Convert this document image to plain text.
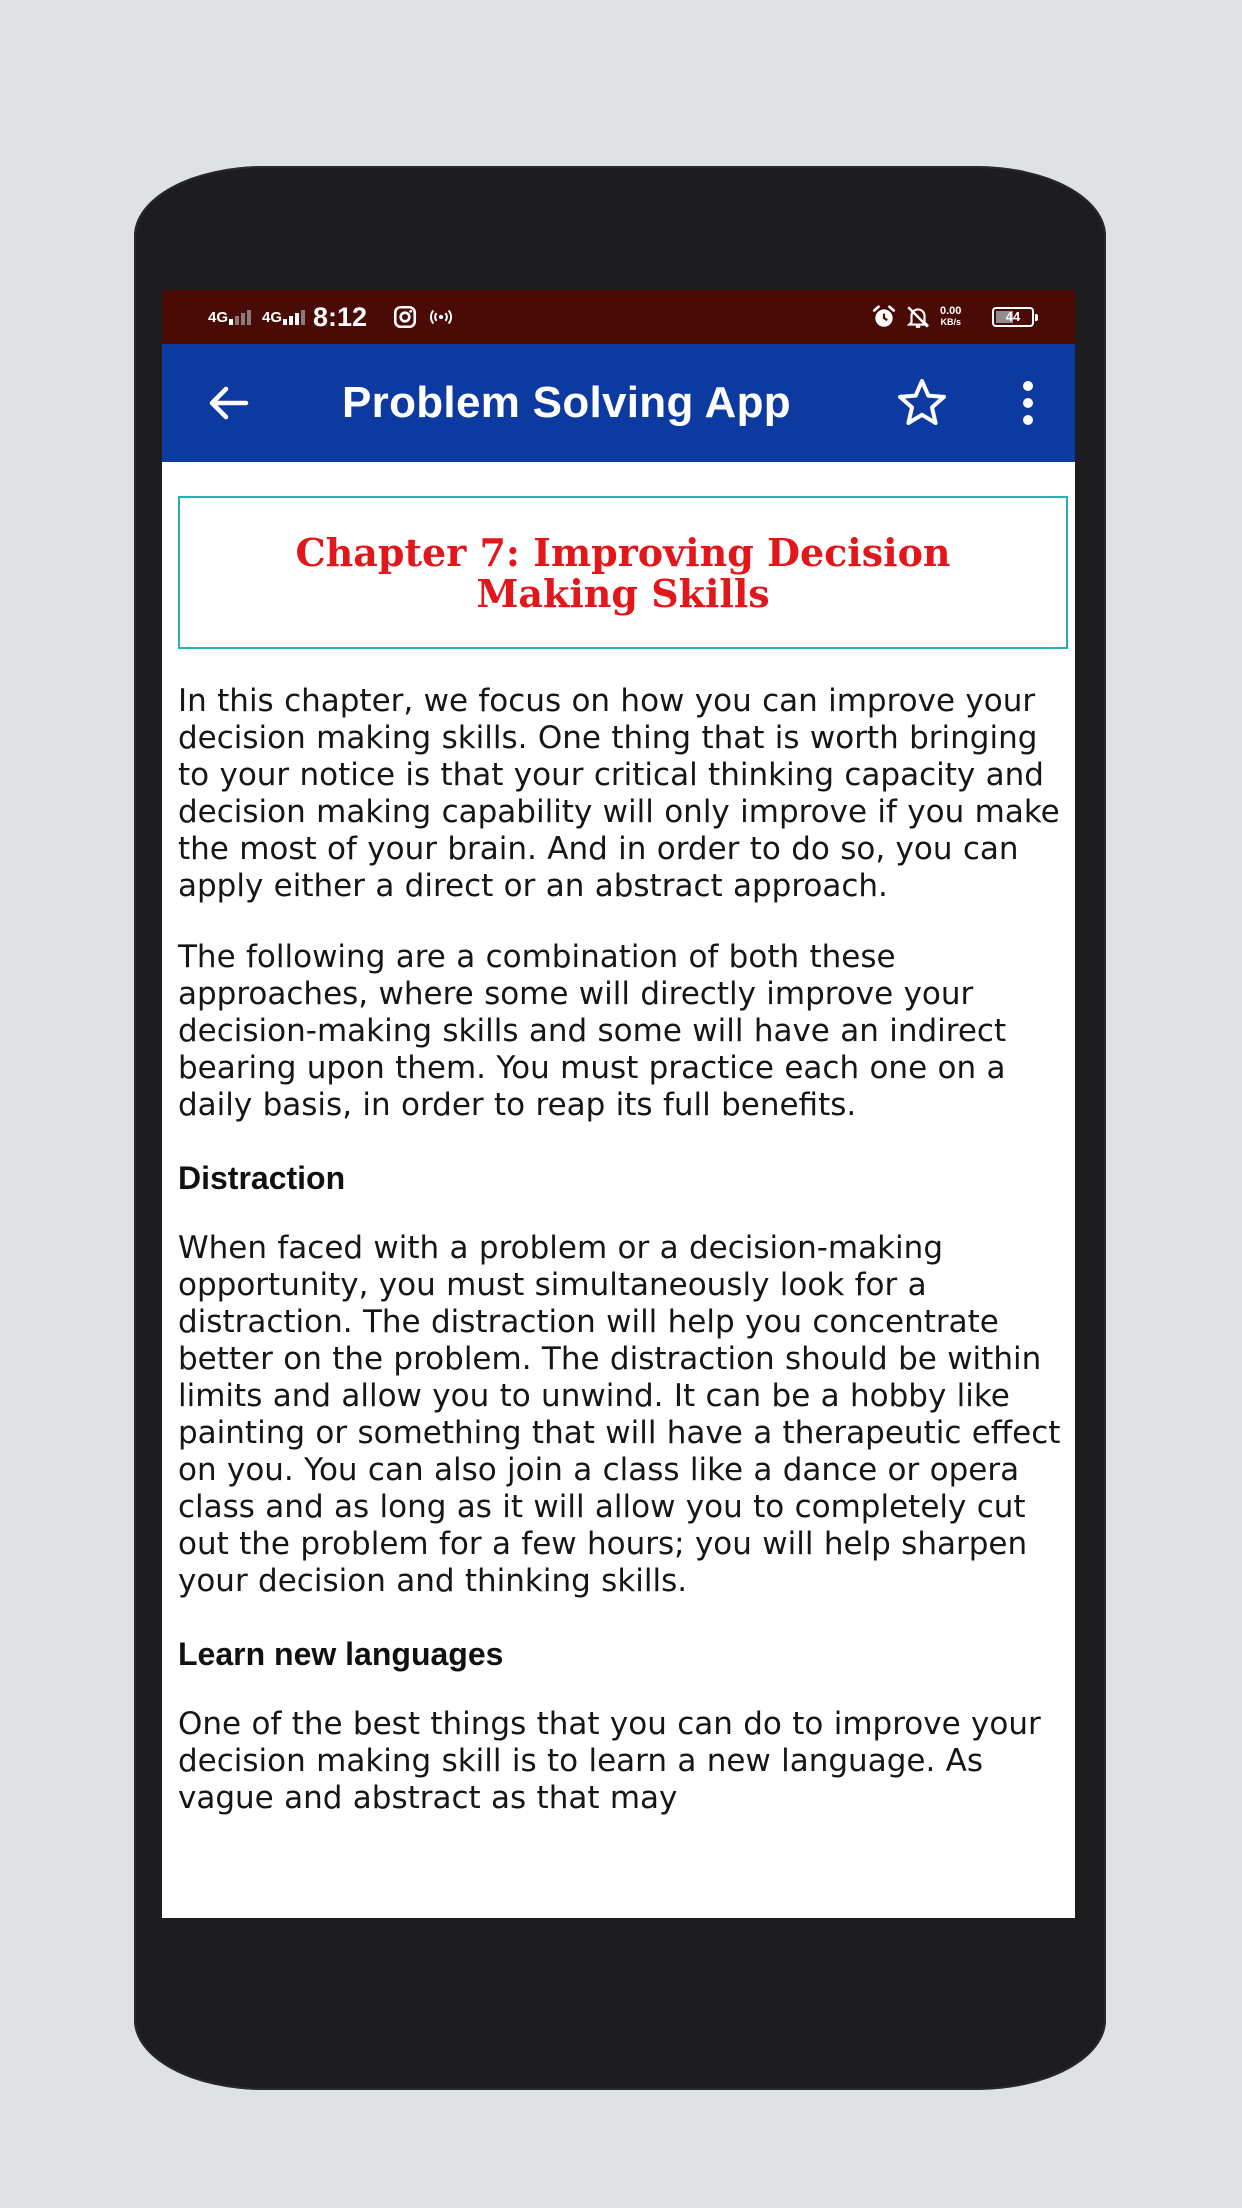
4G	4G	8:12	0.00
KB/s	44
Problem Solving App
Chapter 7: Improving Decision Making Skills

In this chapter, we focus on how you can improve your decision making skills. One thing that is worth bringing to your notice is that your critical thinking capacity and decision making capability will only improve if you make the most of your brain. And in order to do so, you can apply either a direct or an abstract approach.

The following are a combination of both these approaches, where some will directly improve your decision-making skills and some will have an indirect bearing upon them. You must practice each one on a daily basis, in order to reap its full benefits.

Distraction

When faced with a problem or a decision-making opportunity, you must simultaneously look for a distraction. The distraction will help you concentrate better on the problem. The distraction should be within limits and allow you to unwind. It can be a hobby like painting or something that will have a therapeutic effect on you. You can also join a class like a dance or opera class and as long as it will allow you to completely cut out the problem for a few hours; you will help sharpen your decision and thinking skills.

Learn new languages

One of the best things that you can do to improve your decision making skill is to learn a new language. As vague and abstract as that may
